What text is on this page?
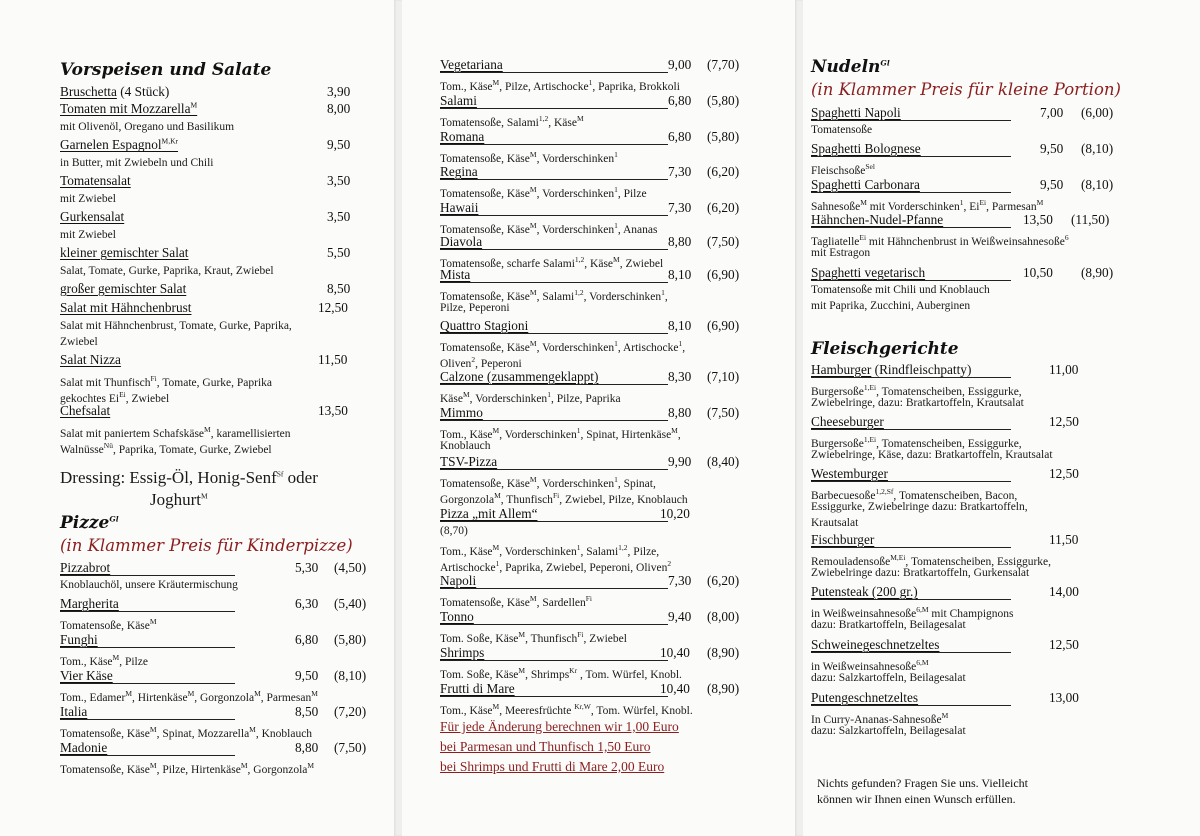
Vorspeisen und Salate
Bruschetta (4 Stück)	3,90
Tomaten mit Mozzarella$^M$	8,00
mit Olivenöl, Oregano und Basilikum
Garnelen Espagnol$^{M,Kr}$	9,50
in Butter, mit Zwiebeln und Chili
Tomatensalat	3,50
mit Zwiebel
Gurkensalat	3,50
mit Zwiebel
kleiner gemischter Salat	5,50
Salat, Tomate, Gurke, Paprika, Kraut, Zwiebel
großer gemischter Salat	8,50
Salat mit Hähnchenbrust	12,50
Salat mit Hähnchenbrust, Tomate, Gurke, Paprika,
Zwiebel
Salat Nizza	11,50
Salat mit Thunfisch$^{Fi}$, Tomate, Gurke, Paprika
gekochtes $Ei^{Ei}$, Zwiebel
Chefsalat	13,50
Salat mit paniertem Schafskäse$^M$, karamellisierten
Walnüsse$^{Nü}$, Paprika, Tomate, Gurke, Zwiebel
Dressing: Essig-Öl, Honig-Senf$^{Sf}$ oder
Joghurt$^M$
Pizze$^{Gl}$
(in Klammer Preis für Kinderpizze)
Pizzabrot	5,30 (4,50)
Knoblauchöl, unsere Kräutermischung
Margherita	6,30 (5,40)
Tomatensoße, Käse$^M$
Funghi	6,80 (5,80)
Tom., Käse$^M$, Pilze
Vier Käse	9,50 (8,10)
Tom., Edamer$^M$, Hirtenkäse$^M$, Gorgonzola$^M$, Parmesan$^M$
Italia	8,50 (7,20)
Tomatensoße, Käse$^M$, Spinat, Mozzarella$^M$, Knoblauch
Madonie	8,80 (7,50)
Tomatensoße, Käse$^M$, Pilze, Hirtenkäse$^M$, Gorgonzola$^M$
Vegetariana	9,00 (7,70)
Tom., Käse$^M$, Pilze, Artischocke$^1$, Paprika, Brokkoli
Salami	6,80 (5,80)
Tomatensoße, Salami$^{1,2}$, Käse$^M$
Romana	6,80 (5,80)
Tomatensoße, Käse$^M$, Vorderschinken$^1$
Regina	7,30 (6,20)
Tomatensoße, Käse$^M$, Vorderschinken$^1$, Pilze
Hawaii	7,30 (6,20)
Tomatensoße, Käse$^M$, Vorderschinken$^1$, Ananas
Diavola	8,80 (7,50)
Tomatensoße, scharfe Salami$^{1,2}$, Käse$^M$, Zwiebel
Mista	8,10 (6,90)
Tomatensoße, Käse$^M$, Salami$^{1,2}$, Vorderschinken$^1$,
Pilze, Peperoni
Quattro Stagioni	8,10 (6,90)
Tomatensoße, Käse$^M$, Vorderschinken$^1$, Artischocke$^1$,
Oliven$^2$, Peperoni
Calzone (zusammengeklappt)	8,30 (7,10)
Käse$^M$, Vorderschinken$^1$, Pilze, Paprika
Mimmo	8,80 (7,50)
Tom., Käse$^M$, Vorderschinken$^1$, Spinat, Hirtenkäse$^M$,
Knoblauch
TSV-Pizza	9,90 (8,40)
Tomatensoße, Käse$^M$, Vorderschinken$^1$, Spinat,
Gorgonzola$^M$, Thunfisch$^{Fi}$, Zwiebel, Pilze, Knoblauch
Pizza „mit Allem“	10,20
(8,70)
Tom., Käse$^M$, Vorderschinken$^1$, Salami$^{1,2}$, Pilze,
Artischocke$^1$, Paprika, Zwiebel, Peperoni, Oliven$^2$
Napoli	7,30 (6,20)
Tomatensoße, Käse$^M$, Sardellen$^{Fi}$
Tonno	9,40 (8,00)
Tom. Soße, Käse$^M$, Thunfisch$^{Fi}$, Zwiebel
Shrimps	10,40 (8,90)
Tom. Soße, Käse$^M$, Shrimps$^{Kr}$ , Tom. Würfel, Knobl.
Frutti di Mare	10,40 (8,90)
Tom., Käse$^M$, Meeresfrüchte $^{Kr,W}$, Tom. Würfel, Knobl.
Für jede Änderung berechnen wir 1,00 Euro
bei Parmesan und Thunfisch 1,50 Euro
bei Shrimps und Frutti di Mare 2,00 Euro
Nudeln$^{Gl}$
(in Klammer Preis für kleine Portion)
Spaghetti Napoli	7,00 (6,00)
Tomatensoße
Spaghetti Bolognese	9,50 (8,10)
Fleischsoße$^{Sel}$
Spaghetti Carbonara	9,50 (8,10)
Sahnesoße$^M$ mit Vorderschinken$^1$, $Ei^{Ei}$, Parmesan$^M$
Hähnchen-Nudel-Pfanne	13,50 (11,50)
Tagliatelle$^{Ei}$ mit Hähnchenbrust in Weißweinsahnesoße$^6$
mit Estragon
Spaghetti vegetarisch	10,50 (8,90)
Tomatensoße mit Chili und Knoblauch
mit Paprika, Zucchini, Auberginen
Fleischgerichte
Hamburger (Rindfleischpatty)	11,00
Burgersoße$^{1,Ei}$, Tomatenscheiben, Essiggurke,
Zwiebelringe, dazu: Bratkartoffeln, Krautsalat
Cheeseburger	12,50
Burgersoße$^{1,Ei}$, Tomatenscheiben, Essiggurke,
Zwiebelringe, Käse, dazu: Bratkartoffeln, Krautsalat
Westemburger	12,50
Barbecuesoße$^{1,2,Sf}$, Tomatenscheiben, Bacon,
Essiggurke, Zwiebelringe dazu: Bratkartoffeln,
Krautsalat
Fischburger	11,50
Remouladensoße$^{M,Ei}$, Tomatenscheiben, Essiggurke,
Zwiebelringe dazu: Bratkartoffeln, Gurkensalat
Putensteak (200 gr.)	14,00
in Weißweinsahnesoße$^{6,M}$ mit Champignons
dazu: Bratkartoffeln, Beilagesalat
Schweinegeschnetzeltes	12,50
in Weißweinsahnesoße$^{6,M}$
dazu: Salzkartoffeln, Beilagesalat
Putengeschnetzeltes	13,00
In Curry-Ananas-Sahnesoße$^M$
dazu: Salzkartoffeln, Beilagesalat
Nichts gefunden? Fragen Sie uns. Vielleicht
können wir Ihnen einen Wunsch erfüllen.
